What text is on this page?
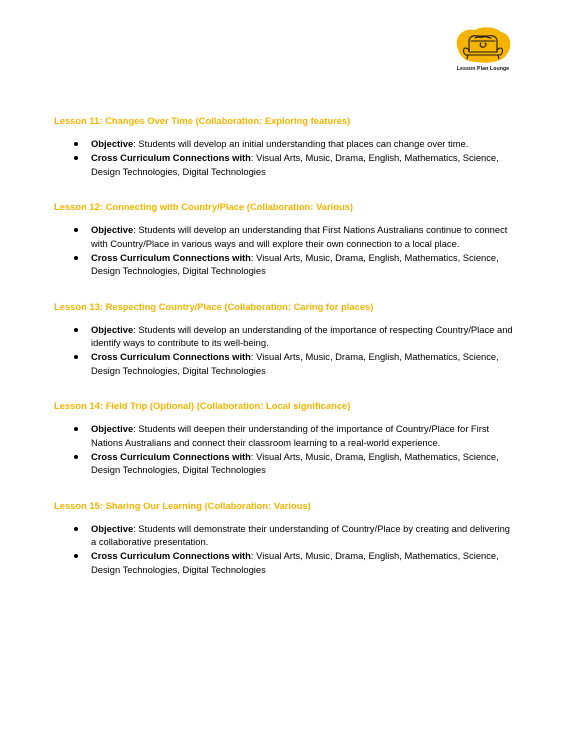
Lesson Plan Lounge
Lesson 11: Changes Over Time (Collaboration: Exploring features)
Objective: Students will develop an initial understanding that places can change over time.
Cross Curriculum Connections with: Visual Arts, Music, Drama, English, Mathematics, Science, Design Technologies, Digital Technologies
Lesson 12: Connecting with Country/Place (Collaboration: Various)
Objective: Students will develop an understanding that First Nations Australians continue to connect with Country/Place in various ways and will explore their own connection to a local place.
Cross Curriculum Connections with: Visual Arts, Music, Drama, English, Mathematics, Science, Design Technologies, Digital Technologies
Lesson 13: Respecting Country/Place (Collaboration: Caring for places)
Objective: Students will develop an understanding of the importance of respecting Country/Place and identify ways to contribute to its well-being.
Cross Curriculum Connections with: Visual Arts, Music, Drama, English, Mathematics, Science, Design Technologies, Digital Technologies
Lesson 14: Field Trip (Optional) (Collaboration: Local significance)
Objective: Students will deepen their understanding of the importance of Country/Place for First Nations Australians and connect their classroom learning to a real-world experience.
Cross Curriculum Connections with: Visual Arts, Music, Drama, English, Mathematics, Science, Design Technologies, Digital Technologies
Lesson 15: Sharing Our Learning (Collaboration: Various)
Objective: Students will demonstrate their understanding of Country/Place by creating and delivering a collaborative presentation.
Cross Curriculum Connections with: Visual Arts, Music, Drama, English, Mathematics, Science, Design Technologies, Digital Technologies
